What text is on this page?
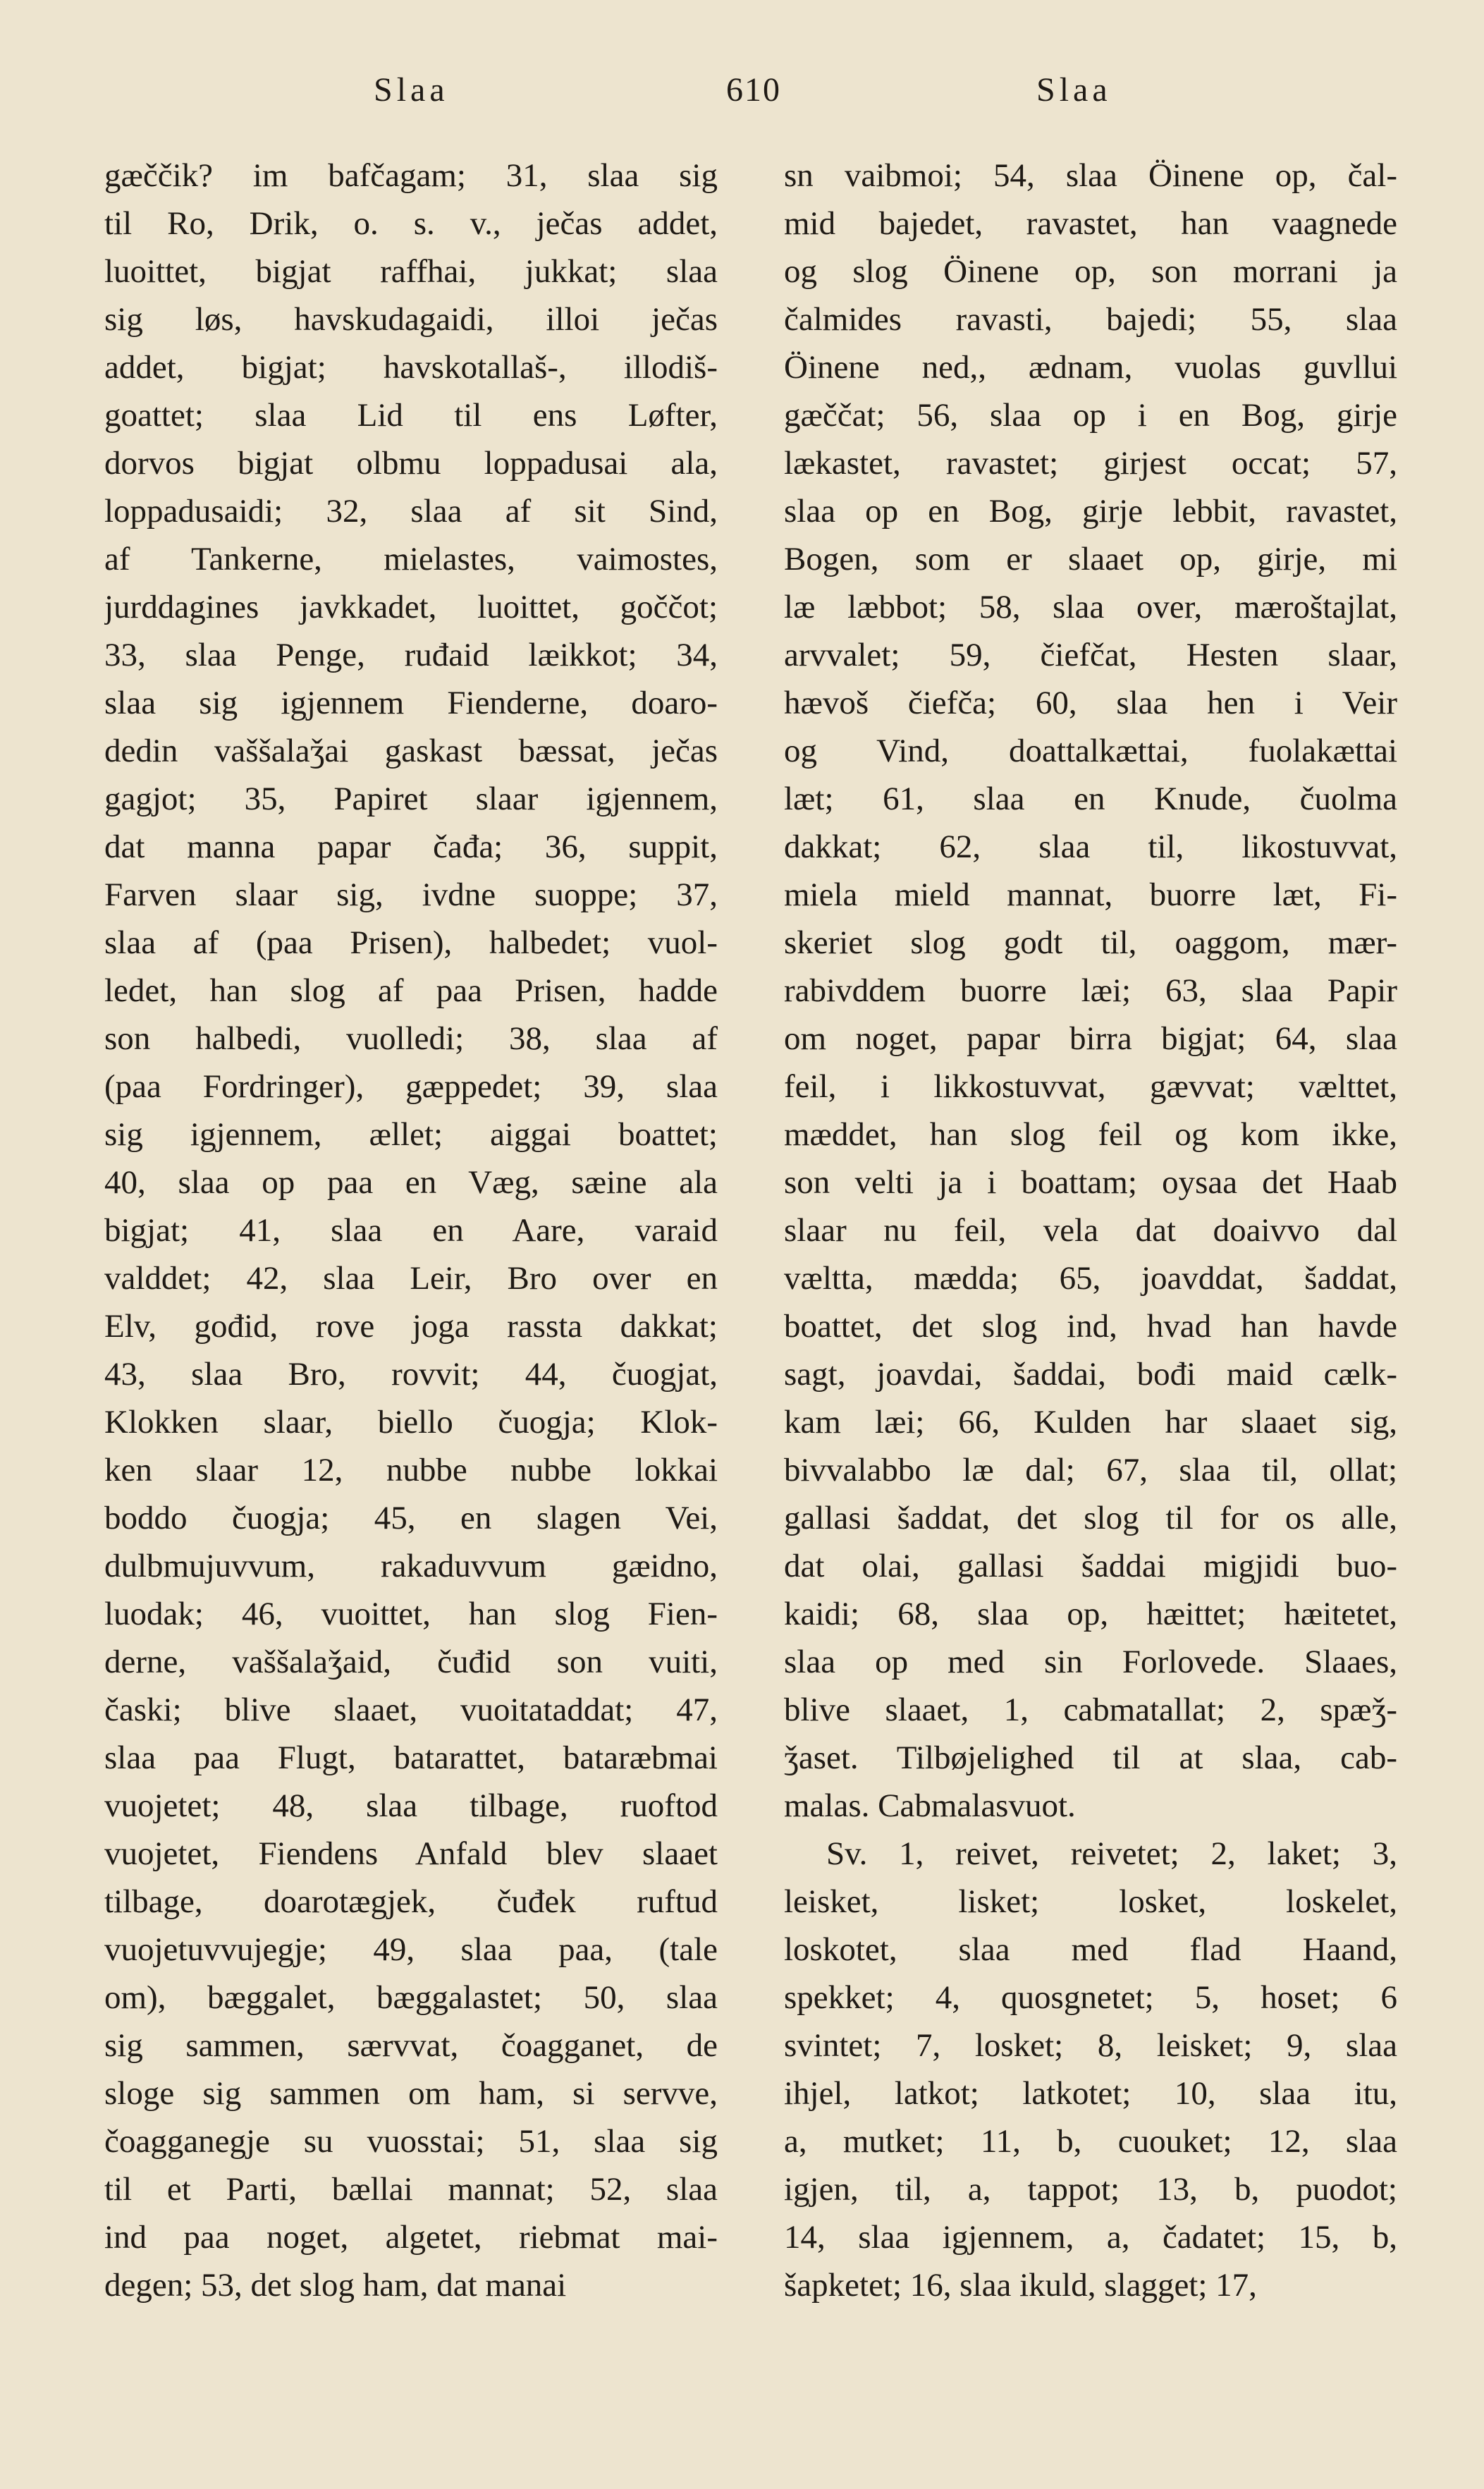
Slaa	610	Slaa
gæččik? im bafčagam; 31, slaa sig
til Ro, Drik, o. s. v., ječas addet,
luoittet, bigjat raffhai, jukkat; slaa
sig løs, havskudagaidi, illoi ječas
addet, bigjat; havskotallaš-, illodiš-
goattet; slaa Lid til ens Løfter,
dorvos bigjat olbmu loppadusai ala,
loppadusaidi; 32, slaa af sit Sind,
af Tankerne, mielastes, vaimostes,
jurddagines javkkadet, luoittet, goččot;
33, slaa Penge, ruđaid læikkot; 34,
slaa sig igjennem Fienderne, doaro-
dedin vaššalaǯai gaskast bæssat, ječas
gagjot; 35, Papiret slaar igjennem,
dat manna papar čađa; 36, suppit,
Farven slaar sig, ivdne suoppe; 37,
slaa af (paa Prisen), halbedet; vuol-
ledet, han slog af paa Prisen, hadde
son halbedi, vuolledi; 38, slaa af
(paa Fordringer), gæppedet; 39, slaa
sig igjennem, ællet; aiggai boattet;
40, slaa op paa en Væg, sæine ala
bigjat; 41, slaa en Aare, varaid
valddet; 42, slaa Leir, Bro over en
Elv, gođid, rove joga rassta dakkat;
43, slaa Bro, rovvit; 44, čuogjat,
Klokken slaar, biello čuogja; Klok-
ken slaar 12, nubbe nubbe lokkai
boddo čuogja; 45, en slagen Vei,
dulbmujuvvum, rakaduvvum gæidno,
luodak; 46, vuoittet, han slog Fien-
derne, vaššalaǯaid, čuđid son vuiti,
časki; blive slaaet, vuoitataddat; 47,
slaa paa Flugt, batarattet, bataræbmai
vuojetet; 48, slaa tilbage, ruoftod
vuojetet, Fiendens Anfald blev slaaet
tilbage, doarotægjek, čuđek ruftud
vuojetuvvujegje; 49, slaa paa, (tale
om), bæggalet, bæggalastet; 50, slaa
sig sammen, særvvat, čoagganet, de
sloge sig sammen om ham, si servve,
čoagganegje su vuosstai; 51, slaa sig
til et Parti, bællai mannat; 52, slaa
ind paa noget, algetet, riebmat mai-
degen; 53, det slog ham, dat manai
sn vaibmoi; 54, slaa Öinene op, čal-
mid bajedet, ravastet, han vaagnede
og slog Öinene op, son morrani ja
čalmides ravasti, bajedi; 55, slaa
Öinene ned,, ædnam, vuolas guvllui
gæččat; 56, slaa op i en Bog, girje
lækastet, ravastet; girjest occat; 57,
slaa op en Bog, girje lebbit, ravastet,
Bogen, som er slaaet op, girje, mi
læ læbbot; 58, slaa over, mæroštajlat,
arvvalet; 59, čiefčat, Hesten slaar,
hævoš čiefča; 60, slaa hen i Veir
og Vind, doattalkættai, fuolakættai
læt; 61, slaa en Knude, čuolma
dakkat; 62, slaa til, likostuvvat,
miela mield mannat, buorre læt, Fi-
skeriet slog godt til, oaggom, mær-
rabivddem buorre læi; 63, slaa Papir
om noget, papar birra bigjat; 64, slaa
feil, i likkostuvvat, gævvat; vælttet,
mæddet, han slog feil og kom ikke,
son velti ja i boattam; oysaa det Haab
slaar nu feil, vela dat doaivvo dal
vælttа, mædda; 65, joavddat, šaddat,
boattet, det slog ind, hvad han havde
sagt, joavdai, šaddai, bođi maid cælk-
kam læi; 66, Kulden har slaaet sig,
bivvalabbo læ dal; 67, slaa til, ollat;
gallasi šaddat, det slog til for os alle,
dat olai, gallasi šaddai migjidi buo-
kaidi; 68, slaa op, hæittet; hæitetet,
slaa op med sin Forlovede. Slaaes,
blive slaaet, 1, cabmatallat; 2, spæǯ-
ǯaset. Tilbøjelighed til at slaa, cab-
malas. Cabmalasvuot.
Sv. 1, reivet, reivetet; 2, laket; 3,
leisket, lisket; losket, loskelet,
loskotet, slaa med flad Haand,
spekket; 4, quosgnetet; 5, hoset; 6
svintet; 7, losket; 8, leisket; 9, slaa
ihjel, latkot; latkotet; 10, slaa itu,
a, mutket; 11, b, cuouket; 12, slaa
igjen, til, a, tappot; 13, b, puodot;
14, slaa igjennem, a, čadatet; 15, b,
šapketet; 16, slaa ikuld, slagget; 17,
